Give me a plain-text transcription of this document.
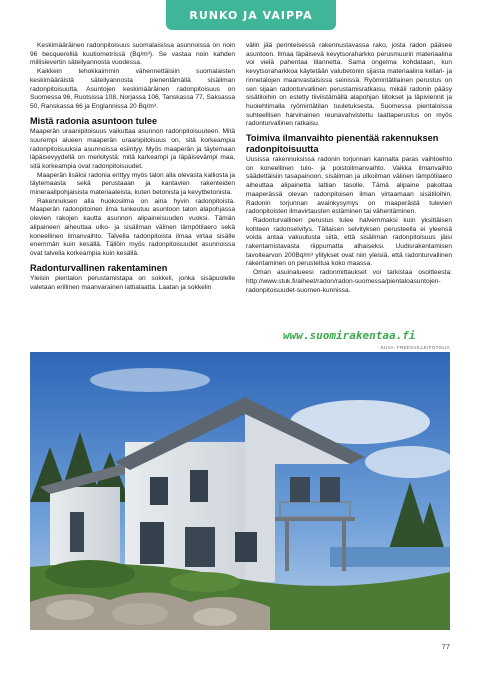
RUNKO JA VAIPPA

Keskimääräinen radonpitoisuus suomalaisissa asunnoissa on noin 96 becquerelliä kuutiometrissä (Bq/m³). Se vastaa noin kahden millisievertin säteilyannosta vuodessa.

Kaikkein tehokkaimmin vähennettäisiin suomalaisten keskimääräistä säteilyannosta pienentämällä sisäilman radonpitoisuutta. Asuntojen keskimääräinen radonpitoisuus on Suomessa 96, Ruotsissa 108, Norjassa 106, Tanskassa 77, Saksassa 50, Ranskassa 66 ja Englannissa 20 Bq/m³.

Mistä radonia asuntoon tulee

Maaperän uraanipitoisuus vaikuttaa asunnon radonpitoisuuteen. Mitä suurempi alueen maaperän uraanipitoisuus on, sitä korkeampia radonpitoisuuksia asunnoissa esiintyy. Myös maaperän ja täytemaan läpäisevyydellä on merkitystä: mitä karkeampi ja läpäisevämpi maa, sitä korkeampia ovat radonpitoisuudet.

Maaperän lisäksi radonia erittyy myös talon alla olevasta kalliosta ja täytemaasta sekä perustaaan ja kantavien rakenteiden mineraalipohjaisista materiaaleista, kuten betonista ja kevytbetonista.

Rakennuksen alla huokosilma on aina hyvin radonpitoista. Maaperän radonpitoinen ilma tunkeutuu asuntoon talon alapohjassa olevien rakojen kautta asunnon alipaineisuuden vuoksi. Tämän alipaineen aiheuttaa ulko- ja sisäilman välinen lämpötilaero sekä koneellinen ilmanvaihto. Talvella radonpitoista ilmaa virtaa sisälle enemmän kuin kesällä. Tällöin myös radonpitoisuudet asunnoissa ovat talvella korkeampia kuin kesällä.

Radonturvallinen rakentaminen

Yleisin pientalon perustamistapa on sokkeli, jonka sisäpuolelle valetaan erillinen maanvarainen lattialaatta. Laatan ja sokkelin

välin jää perinteisessä rakennustavassa rako, josta radon pääsee asuntoon. Ilmaa läpäisevä kevytsoraharkko perusmuurin materiaalina voi vielä pahentaa tilannetta. Sama ongelma kohdataan, kun kevytsoraharkkoa käytetään valubetonin sijasta materiaalina kellari- ja rinnetalojen maanvastaisissa seinissä. Ryömintätilainen perustus on sen sijaan radonturvallinen perustamisratkaisu, mikäli radonin pääsy sisätiloihin on estetty tiiviistämällä alapohjan liitokset ja läpiviennit ja huolehtimalla ryömintätilan tuuletuksesta. Suomessa pientaloissa suhteellisen harvinainen reunavahvistettu laattaperustus on myös radonturvallinen ratkaisu.

Toimiva ilmanvaihto pienentää rakennuksen radonpitoisuutta

Uusissa rakennuksissa radonin torjunnan kannalta paras vaihtoehto on koneellinen tulo- ja poistoilmanvaihto. Vaikka ilmanvaihto säädettäisiin tasapainoon, sisäilman ja ulkoilman välinen lämpötilaero aiheuttaa alipainetta lattian tasolle. Tämä alipaine pakottaa maaperässä olevan radonpitoisen ilman virtaamaan sisätiloihin. Radonin torjunnan avainkysymys on maaperästä tulevien radonpitoisten ilmavirtausten estäminen tai vähentäminen.

Radonturvallinen perustus tulee halvemmaksi kuin yksittäisen kohteen radonselvitys. Tällaisen selvityksen perusteella ei yleensä voida antaa vakuutusta siitä, että sisäilman radonpitoisuus jäisi rakentamistavasta riippumatta alhaiseksi. Uudisrakentamisen tavoitearvon 200Bq/m³ ylitykset ovat niin yleisiä, että radonturvallinen rakentaminen on perusteltua koko maassa.

Oman asuinalueesi radonmittaukset voi tarkistaa osoitteesta: http://www.stuk.fi/aiheet/radon/radon-suomessa/pientaloasuntojen-radonpitoisuudet-suomen-kunnissa.

www.suomirakentaa.fi
KUVA: FREESVILLE/FOTOLIA
77
